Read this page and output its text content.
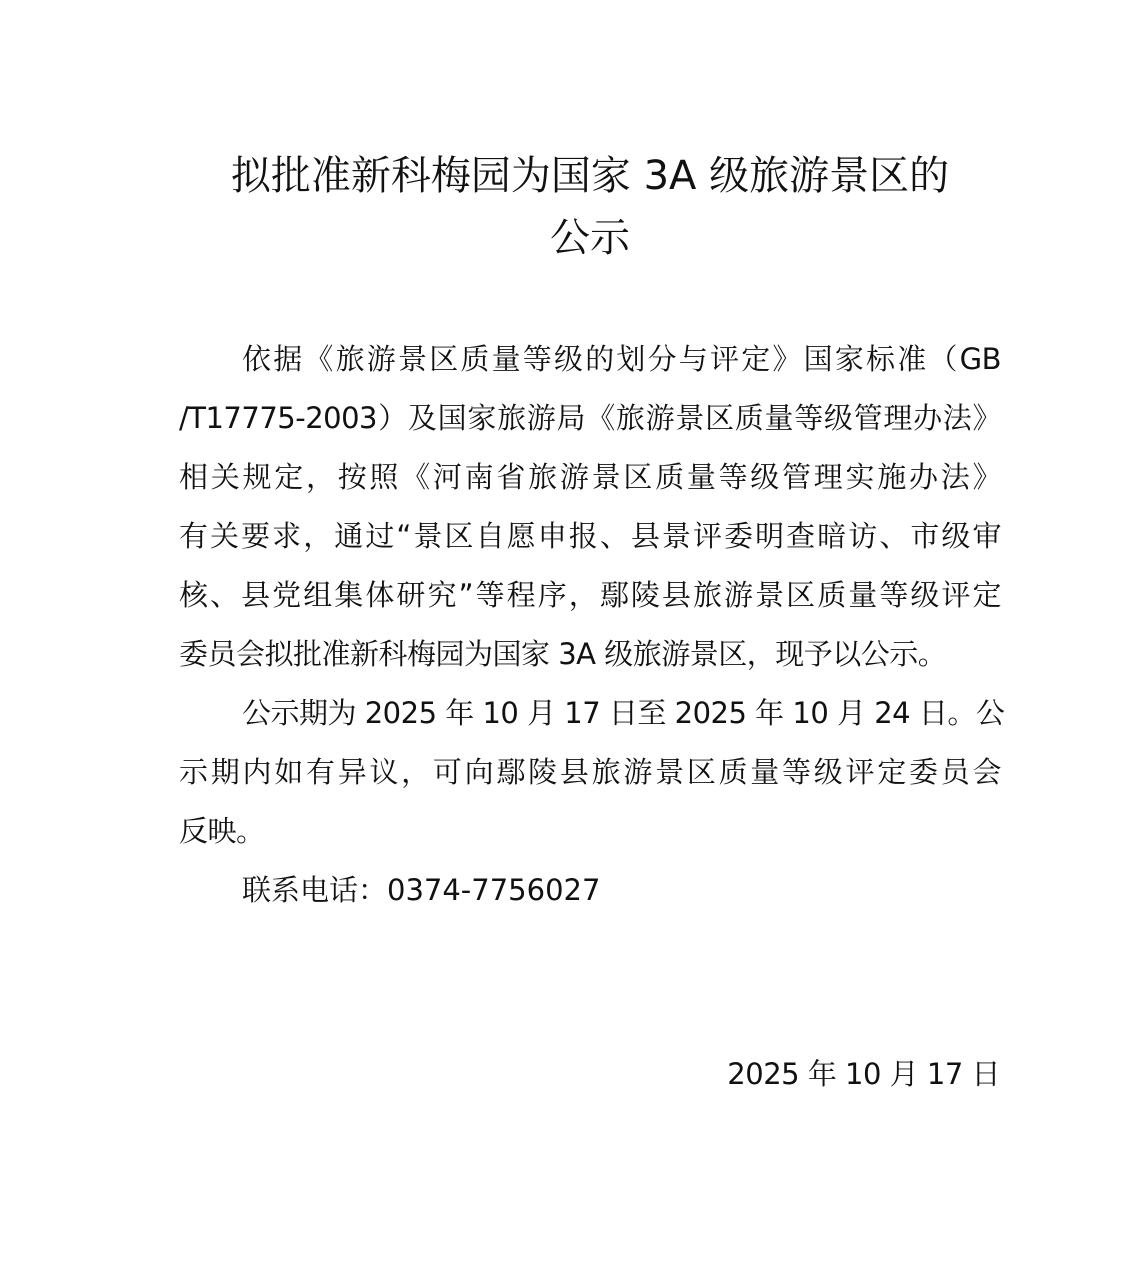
拟批准新科梅园为国家 3A 级旅游景区的
公示

依据《旅游景区质量等级的划分与评定》国家标准（GB
/T17775-2003）及国家旅游局《旅游景区质量等级管理办法》
相关规定，按照《河南省旅游景区质量等级管理实施办法》
有关要求，通过“景区自愿申报、县景评委明查暗访、市级审
核、县党组集体研究”等程序，鄢陵县旅游景区质量等级评定
委员会拟批准新科梅园为国家 3A 级旅游景区，现予以公示。

公示期为 2025 年 10 月 17 日至 2025 年 10 月 24 日。公
示期内如有异议，可向鄢陵县旅游景区质量等级评定委员会
反映。

联系电话：0374-7756027

2025 年 10 月 17 日
